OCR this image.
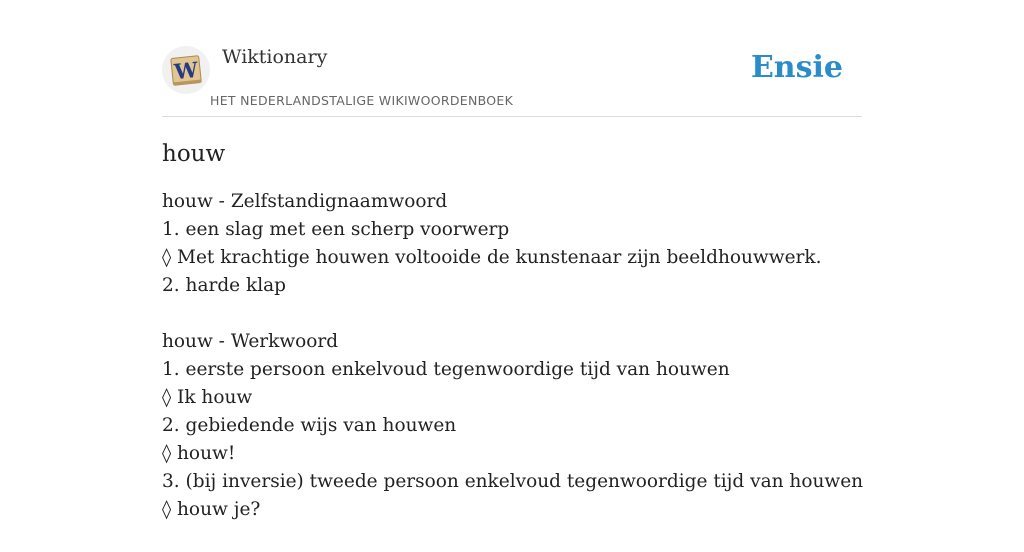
W Wiktionary
HET NEDERLANDSTALIGE WIKIWOORDENBOEK
Ensie
houw
houw - Zelfstandignaamwoord
1. een slag met een scherp voorwerp
◊ Met krachtige houwen voltooide de kunstenaar zijn beeldhouwwerk.
2. harde klap
houw - Werkwoord
1. eerste persoon enkelvoud tegenwoordige tijd van houwen
◊ Ik houw
2. gebiedende wijs van houwen
◊ houw!
3. (bij inversie) tweede persoon enkelvoud tegenwoordige tijd van houwen
◊ houw je?
